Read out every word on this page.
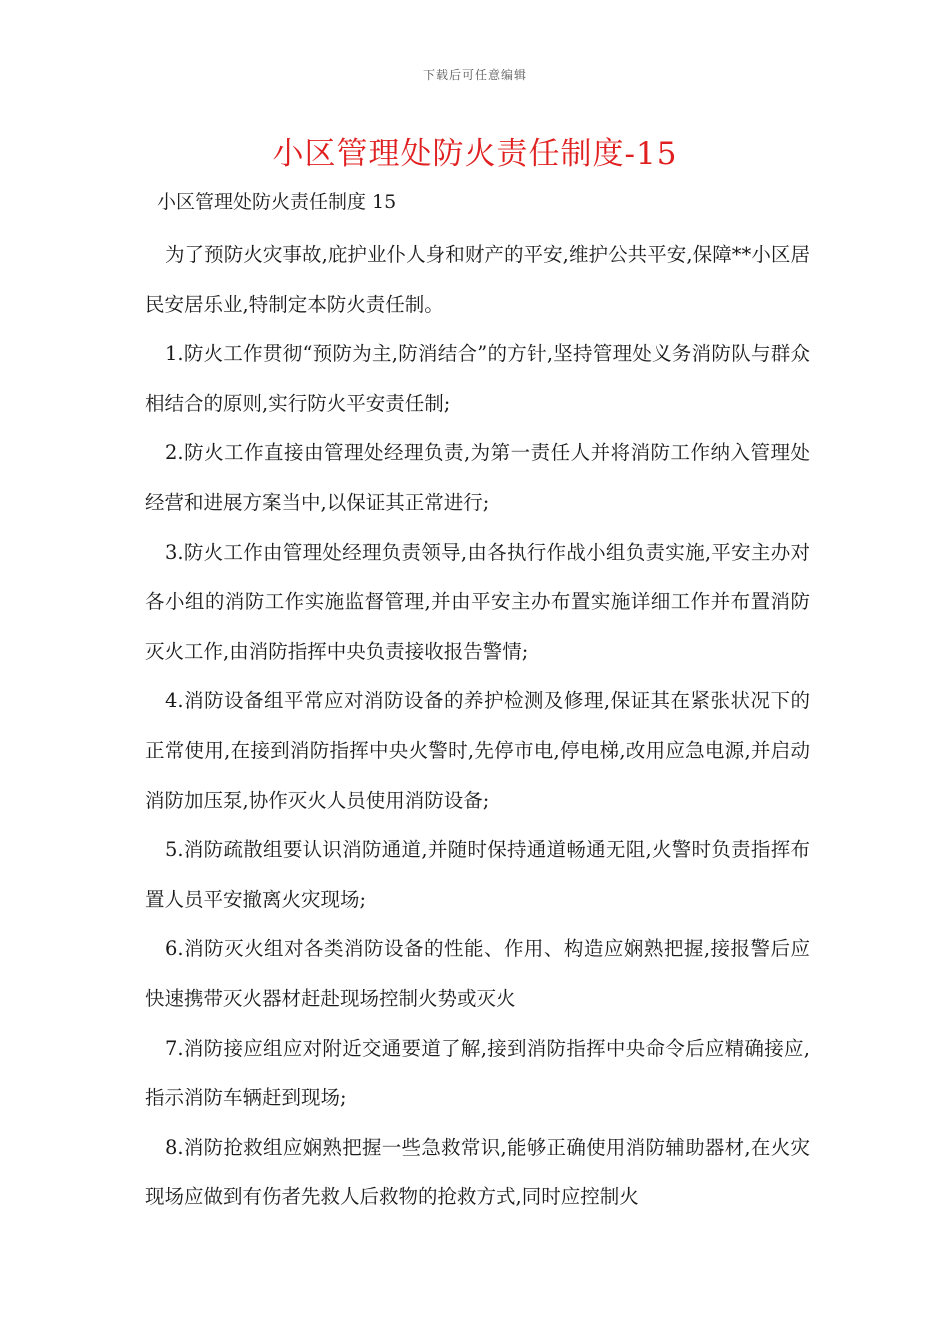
下载后可任意编辑
小区管理处防火责任制度-15
小区管理处防火责任制度 15

为了预防火灾事故,庇护业仆人身和财产的平安,维护公共平安,保障**小区居民安居乐业,特制定本防火责任制。

1.防火工作贯彻“预防为主,防消结合”的方针,坚持管理处义务消防队与群众相结合的原则,实行防火平安责任制;

2.防火工作直接由管理处经理负责,为第一责任人并将消防工作纳入管理处经营和进展方案当中,以保证其正常进行;

3.防火工作由管理处经理负责领导,由各执行作战小组负责实施,平安主办对各小组的消防工作实施监督管理,并由平安主办布置实施详细工作并布置消防灭火工作,由消防指挥中央负责接收报告警情;

4.消防设备组平常应对消防设备的养护检测及修理,保证其在紧张状况下的正常使用,在接到消防指挥中央火警时,先停市电,停电梯,改用应急电源,并启动消防加压泵,协作灭火人员使用消防设备;

5.消防疏散组要认识消防通道,并随时保持通道畅通无阻,火警时负责指挥布置人员平安撤离火灾现场;

6.消防灭火组对各类消防设备的性能、作用、构造应娴熟把握,接报警后应快速携带灭火器材赶赴现场控制火势或灭火

7.消防接应组应对附近交通要道了解,接到消防指挥中央命令后应精确接应,指示消防车辆赶到现场;

8.消防抢救组应娴熟把握一些急救常识,能够正确使用消防辅助器材,在火灾现场应做到有伤者先救人后救物的抢救方式,同时应控制火
